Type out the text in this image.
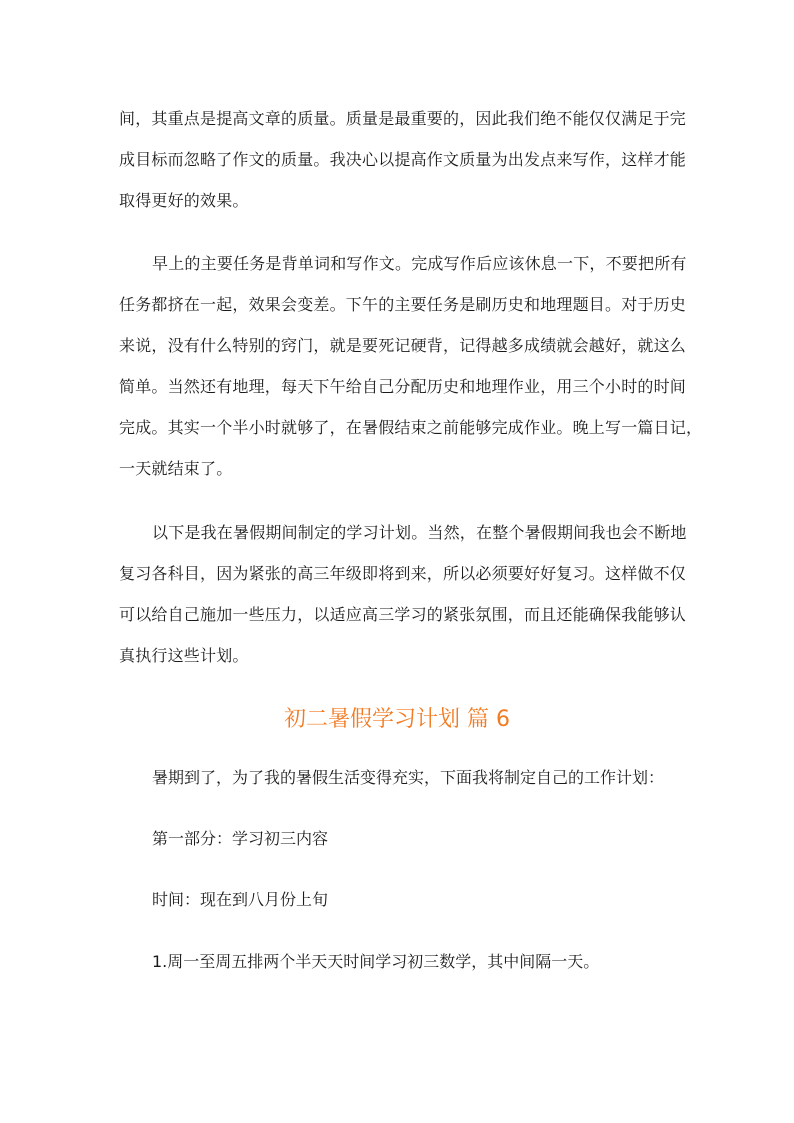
间，其重点是提高文章的质量。质量是最重要的，因此我们绝不能仅仅满足于完
成目标而忽略了作文的质量。我决心以提高作文质量为出发点来写作，这样才能
取得更好的效果。

早上的主要任务是背单词和写作文。完成写作后应该休息一下，不要把所有
任务都挤在一起，效果会变差。下午的主要任务是刷历史和地理题目。对于历史
来说，没有什么特别的窍门，就是要死记硬背，记得越多成绩就会越好，就这么
简单。当然还有地理，每天下午给自己分配历史和地理作业，用三个小时的时间
完成。其实一个半小时就够了，在暑假结束之前能够完成作业。晚上写一篇日记，
一天就结束了。

以下是我在暑假期间制定的学习计划。当然，在整个暑假期间我也会不断地
复习各科目，因为紧张的高三年级即将到来，所以必须要好好复习。这样做不仅
可以给自己施加一些压力，以适应高三学习的紧张氛围，而且还能确保我能够认
真执行这些计划。

初二暑假学习计划 篇 6

暑期到了，为了我的暑假生活变得充实，下面我将制定自己的工作计划：

第一部分：学习初三内容

时间：现在到八月份上旬

1.周一至周五排两个半天天时间学习初三数学，其中间隔一天。
